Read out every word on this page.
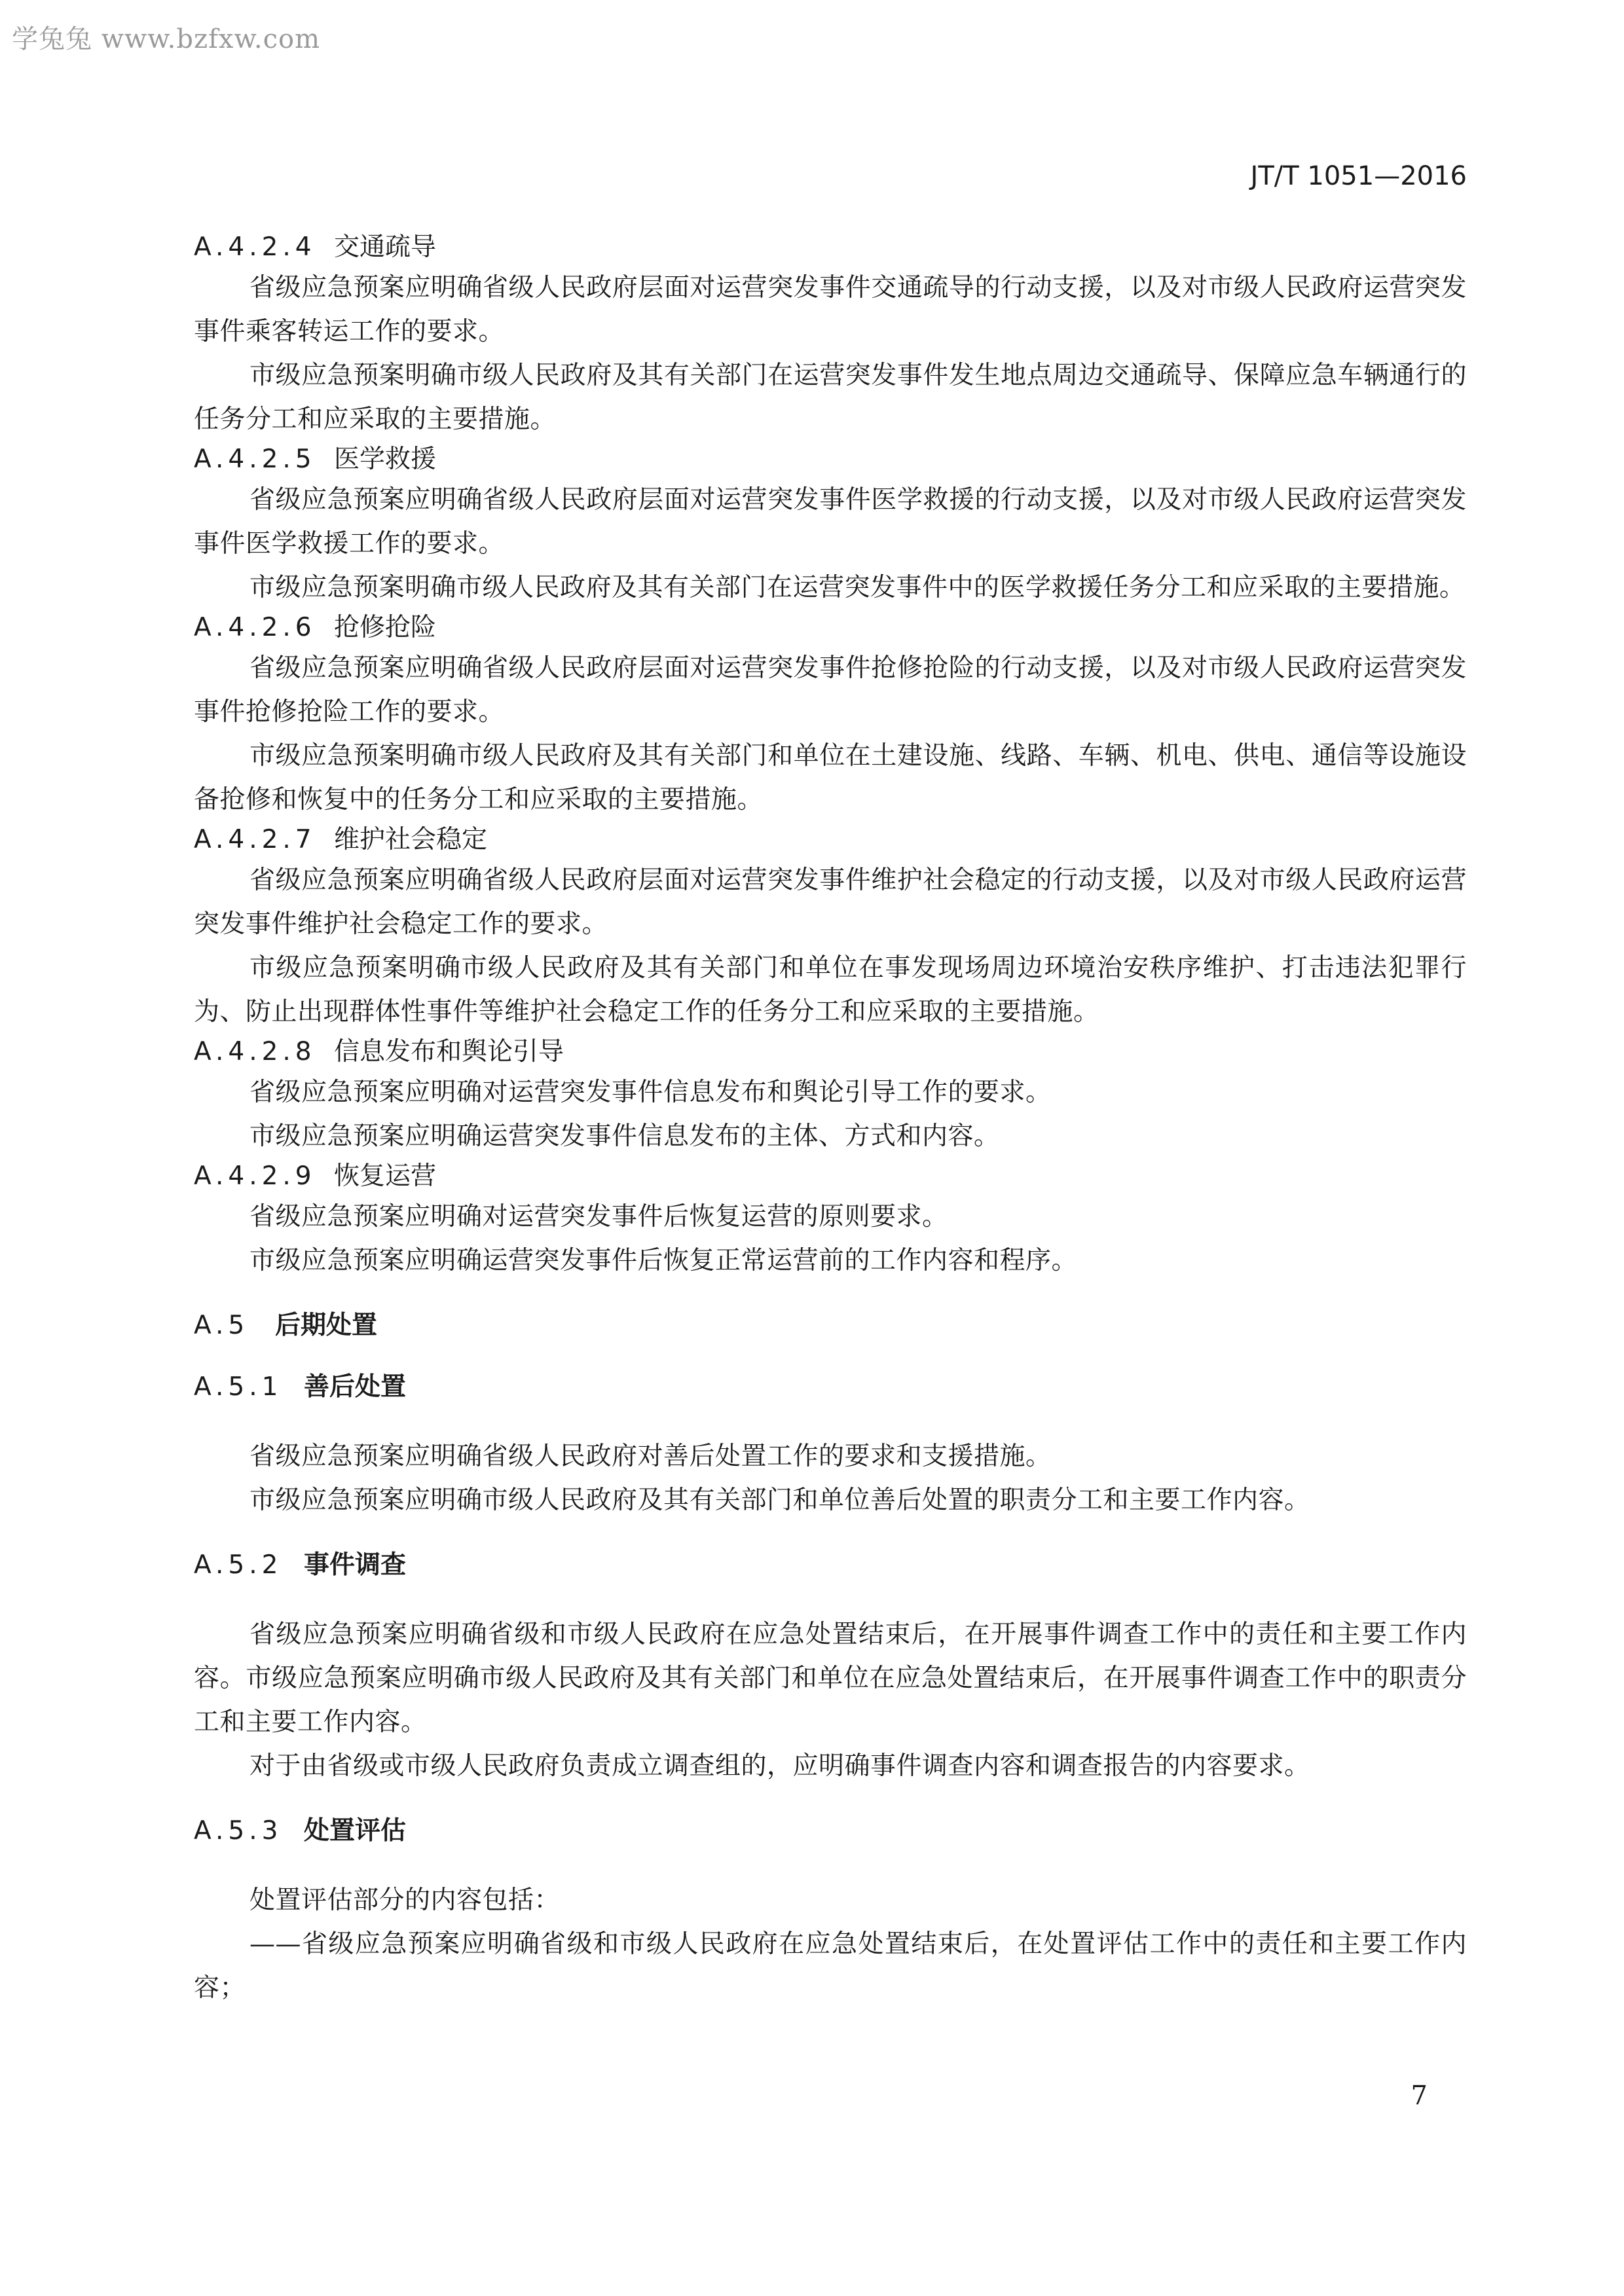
学兔兔 www.bzfxw.com
JT/T 1051—2016
A.4.2.4 交通疏导

省级应急预案应明确省级人民政府层面对运营突发事件交通疏导的行动支援，以及对市级人民政府运营突发事件乘客转运工作的要求。

市级应急预案明确市级人民政府及其有关部门在运营突发事件发生地点周边交通疏导、保障应急车辆通行的任务分工和应采取的主要措施。

A.4.2.5 医学救援

省级应急预案应明确省级人民政府层面对运营突发事件医学救援的行动支援，以及对市级人民政府运营突发事件医学救援工作的要求。

市级应急预案明确市级人民政府及其有关部门在运营突发事件中的医学救援任务分工和应采取的主要措施。

A.4.2.6 抢修抢险

省级应急预案应明确省级人民政府层面对运营突发事件抢修抢险的行动支援，以及对市级人民政府运营突发事件抢修抢险工作的要求。

市级应急预案明确市级人民政府及其有关部门和单位在土建设施、线路、车辆、机电、供电、通信等设施设备抢修和恢复中的任务分工和应采取的主要措施。

A.4.2.7 维护社会稳定

省级应急预案应明确省级人民政府层面对运营突发事件维护社会稳定的行动支援，以及对市级人民政府运营突发事件维护社会稳定工作的要求。

市级应急预案明确市级人民政府及其有关部门和单位在事发现场周边环境治安秩序维护、打击违法犯罪行为、防止出现群体性事件等维护社会稳定工作的任务分工和应采取的主要措施。

A.4.2.8 信息发布和舆论引导

省级应急预案应明确对运营突发事件信息发布和舆论引导工作的要求。

市级应急预案应明确运营突发事件信息发布的主体、方式和内容。

A.4.2.9 恢复运营

省级应急预案应明确对运营突发事件后恢复运营的原则要求。

市级应急预案应明确运营突发事件后恢复正常运营前的工作内容和程序。

A.5	后期处置
A.5.1 善后处置

省级应急预案应明确省级人民政府对善后处置工作的要求和支援措施。

市级应急预案应明确市级人民政府及其有关部门和单位善后处置的职责分工和主要工作内容。

A.5.2 事件调查

省级应急预案应明确省级和市级人民政府在应急处置结束后，在开展事件调查工作中的责任和主要工作内容。市级应急预案应明确市级人民政府及其有关部门和单位在应急处置结束后，在开展事件调查工作中的职责分工和主要工作内容。

对于由省级或市级人民政府负责成立调查组的，应明确事件调查内容和调查报告的内容要求。

A.5.3 处置评估

处置评估部分的内容包括：

——省级应急预案应明确省级和市级人民政府在应急处置结束后，在处置评估工作中的责任和主要工作内容；

7
